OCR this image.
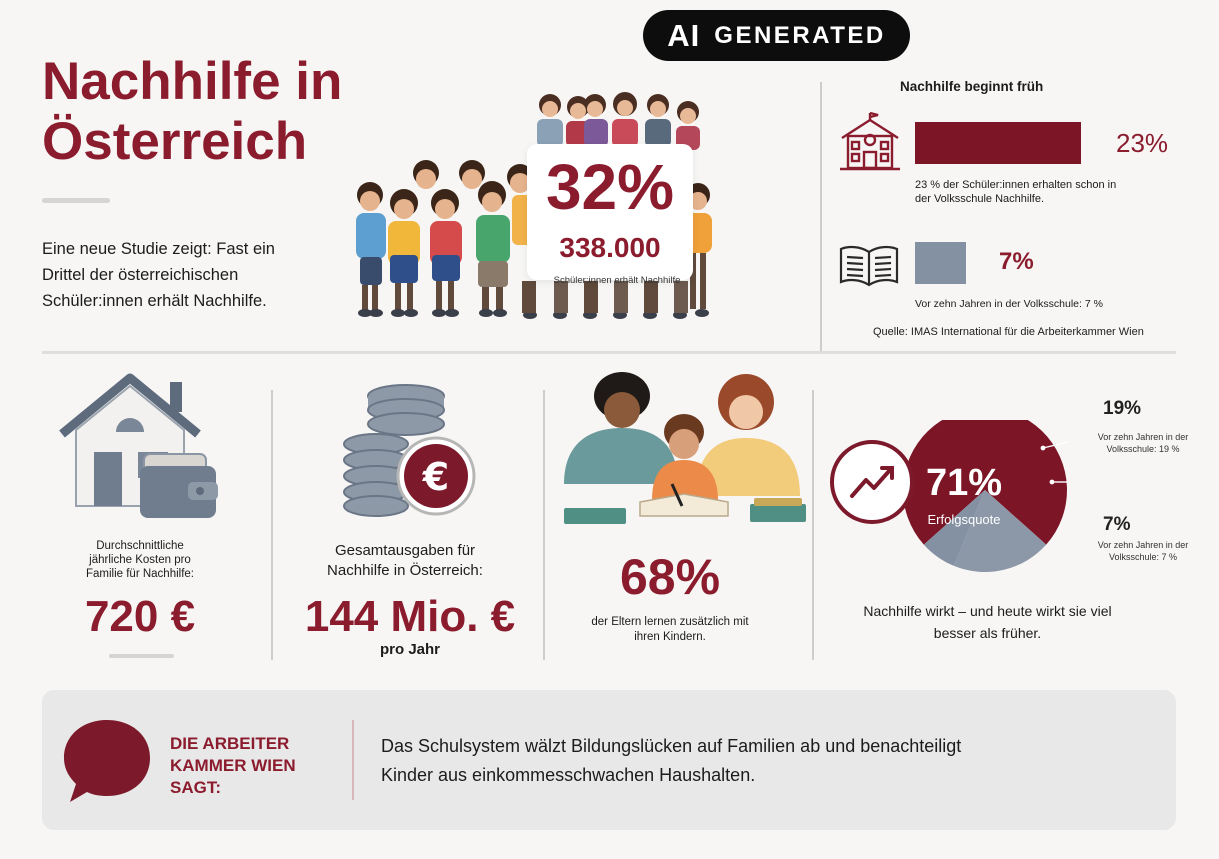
AI GENERATED
Nachhilfe in Österreich
Eine neue Studie zeigt: Fast ein Drittel der österreichischen Schüler:innen erhält Nachhilfe.
32%
338.000
Schüler:innen erhält Nachhilfe
Nachhilfe beginnt früh
23%
23 % der Schüler:innen erhalten schon in der Volksschule Nachhilfe.
7%
Vor zehn Jahren in der Volksschule: 7 %
Quelle: IMAS International für die Arbeiterkammer Wien
Durchschnittliche jährliche Kosten pro Familie für Nachhilfe:
720 €
€
Gesamtausgaben für Nachhilfe in Österreich:
144 Mio. €
pro Jahr
68%
der Eltern lernen zusätzlich mit ihren Kindern.
71%
Erfolgsquote
19%
Vor zehn Jahren in der Volksschule: 19 %
7%
Vor zehn Jahren in der Volksschule: 7 %
Nachhilfe wirkt – und heute wirkt sie viel besser als früher.
DIE ARBEITER KAMMER WIEN SAGT:
Das Schulsystem wälzt Bildungslücken auf Familien ab und benachteiligt Kinder aus einkommesschwachen Haushalten.
